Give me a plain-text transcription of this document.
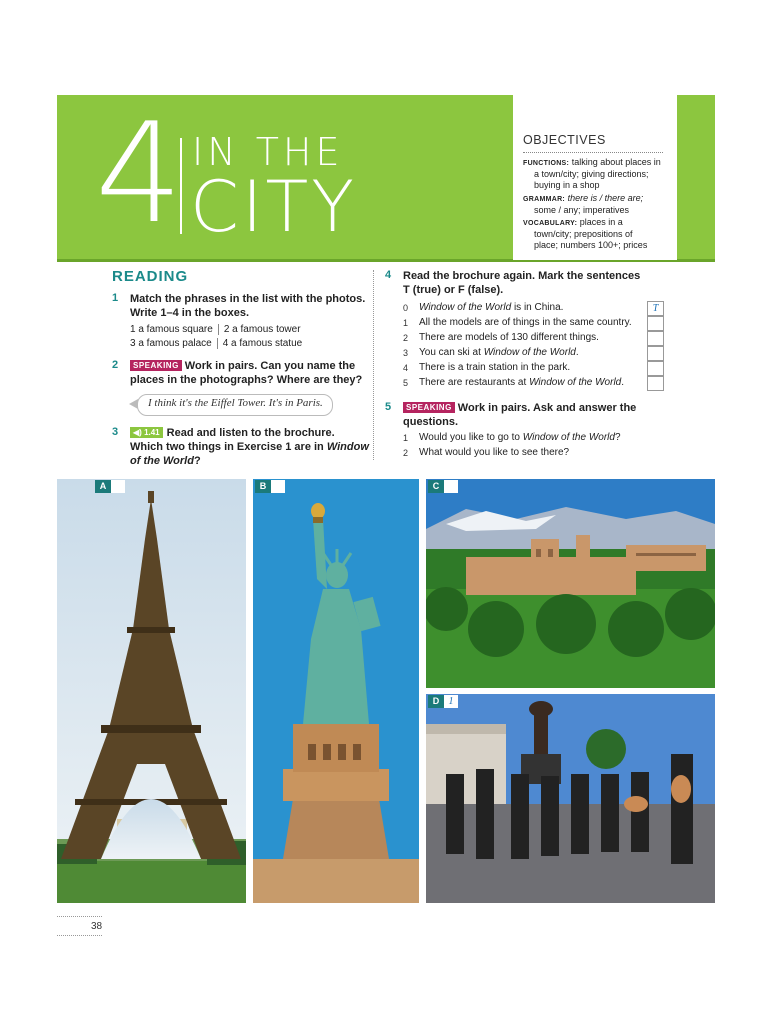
4 IN THE
CITY
OBJECTIVES
FUNCTIONS: talking about places in
a town/city; giving directions;
buying in a shop
GRAMMAR: there is / there are;
some / any; imperatives
VOCABULARY: places in a
town/city; prepositions of
place; numbers 100+; prices
READING
1 Match the phrases in the list with the photos.
Write 1–4 in the boxes.
1 a famous square 2 a famous tower
3 a famous palace 4 a famous statue
2	SPEAKING Work in pairs. Can you name the
places in the photographs? Where are they?
I think it's the Eiffel Tower. It's in Paris.
3	◀) 1.41 Read and listen to the brochure.
Which two things in Exercise 1 are in Window
of the World?
4 Read the brochure again. Mark the sentences
T (true) or F (false).
0 Window of the World is in China.	T
1 All the models are of things in the same country.
2 There are models of 130 different things.
3 You can ski at Window of the World.
4 There is a train station in the park.
5 There are restaurants at Window of the World.
5	SPEAKING Work in pairs. Ask and answer the
questions.
1 Would you like to go to Window of the World?
2 What would you like to see there?
A	B	C
D 1
38
